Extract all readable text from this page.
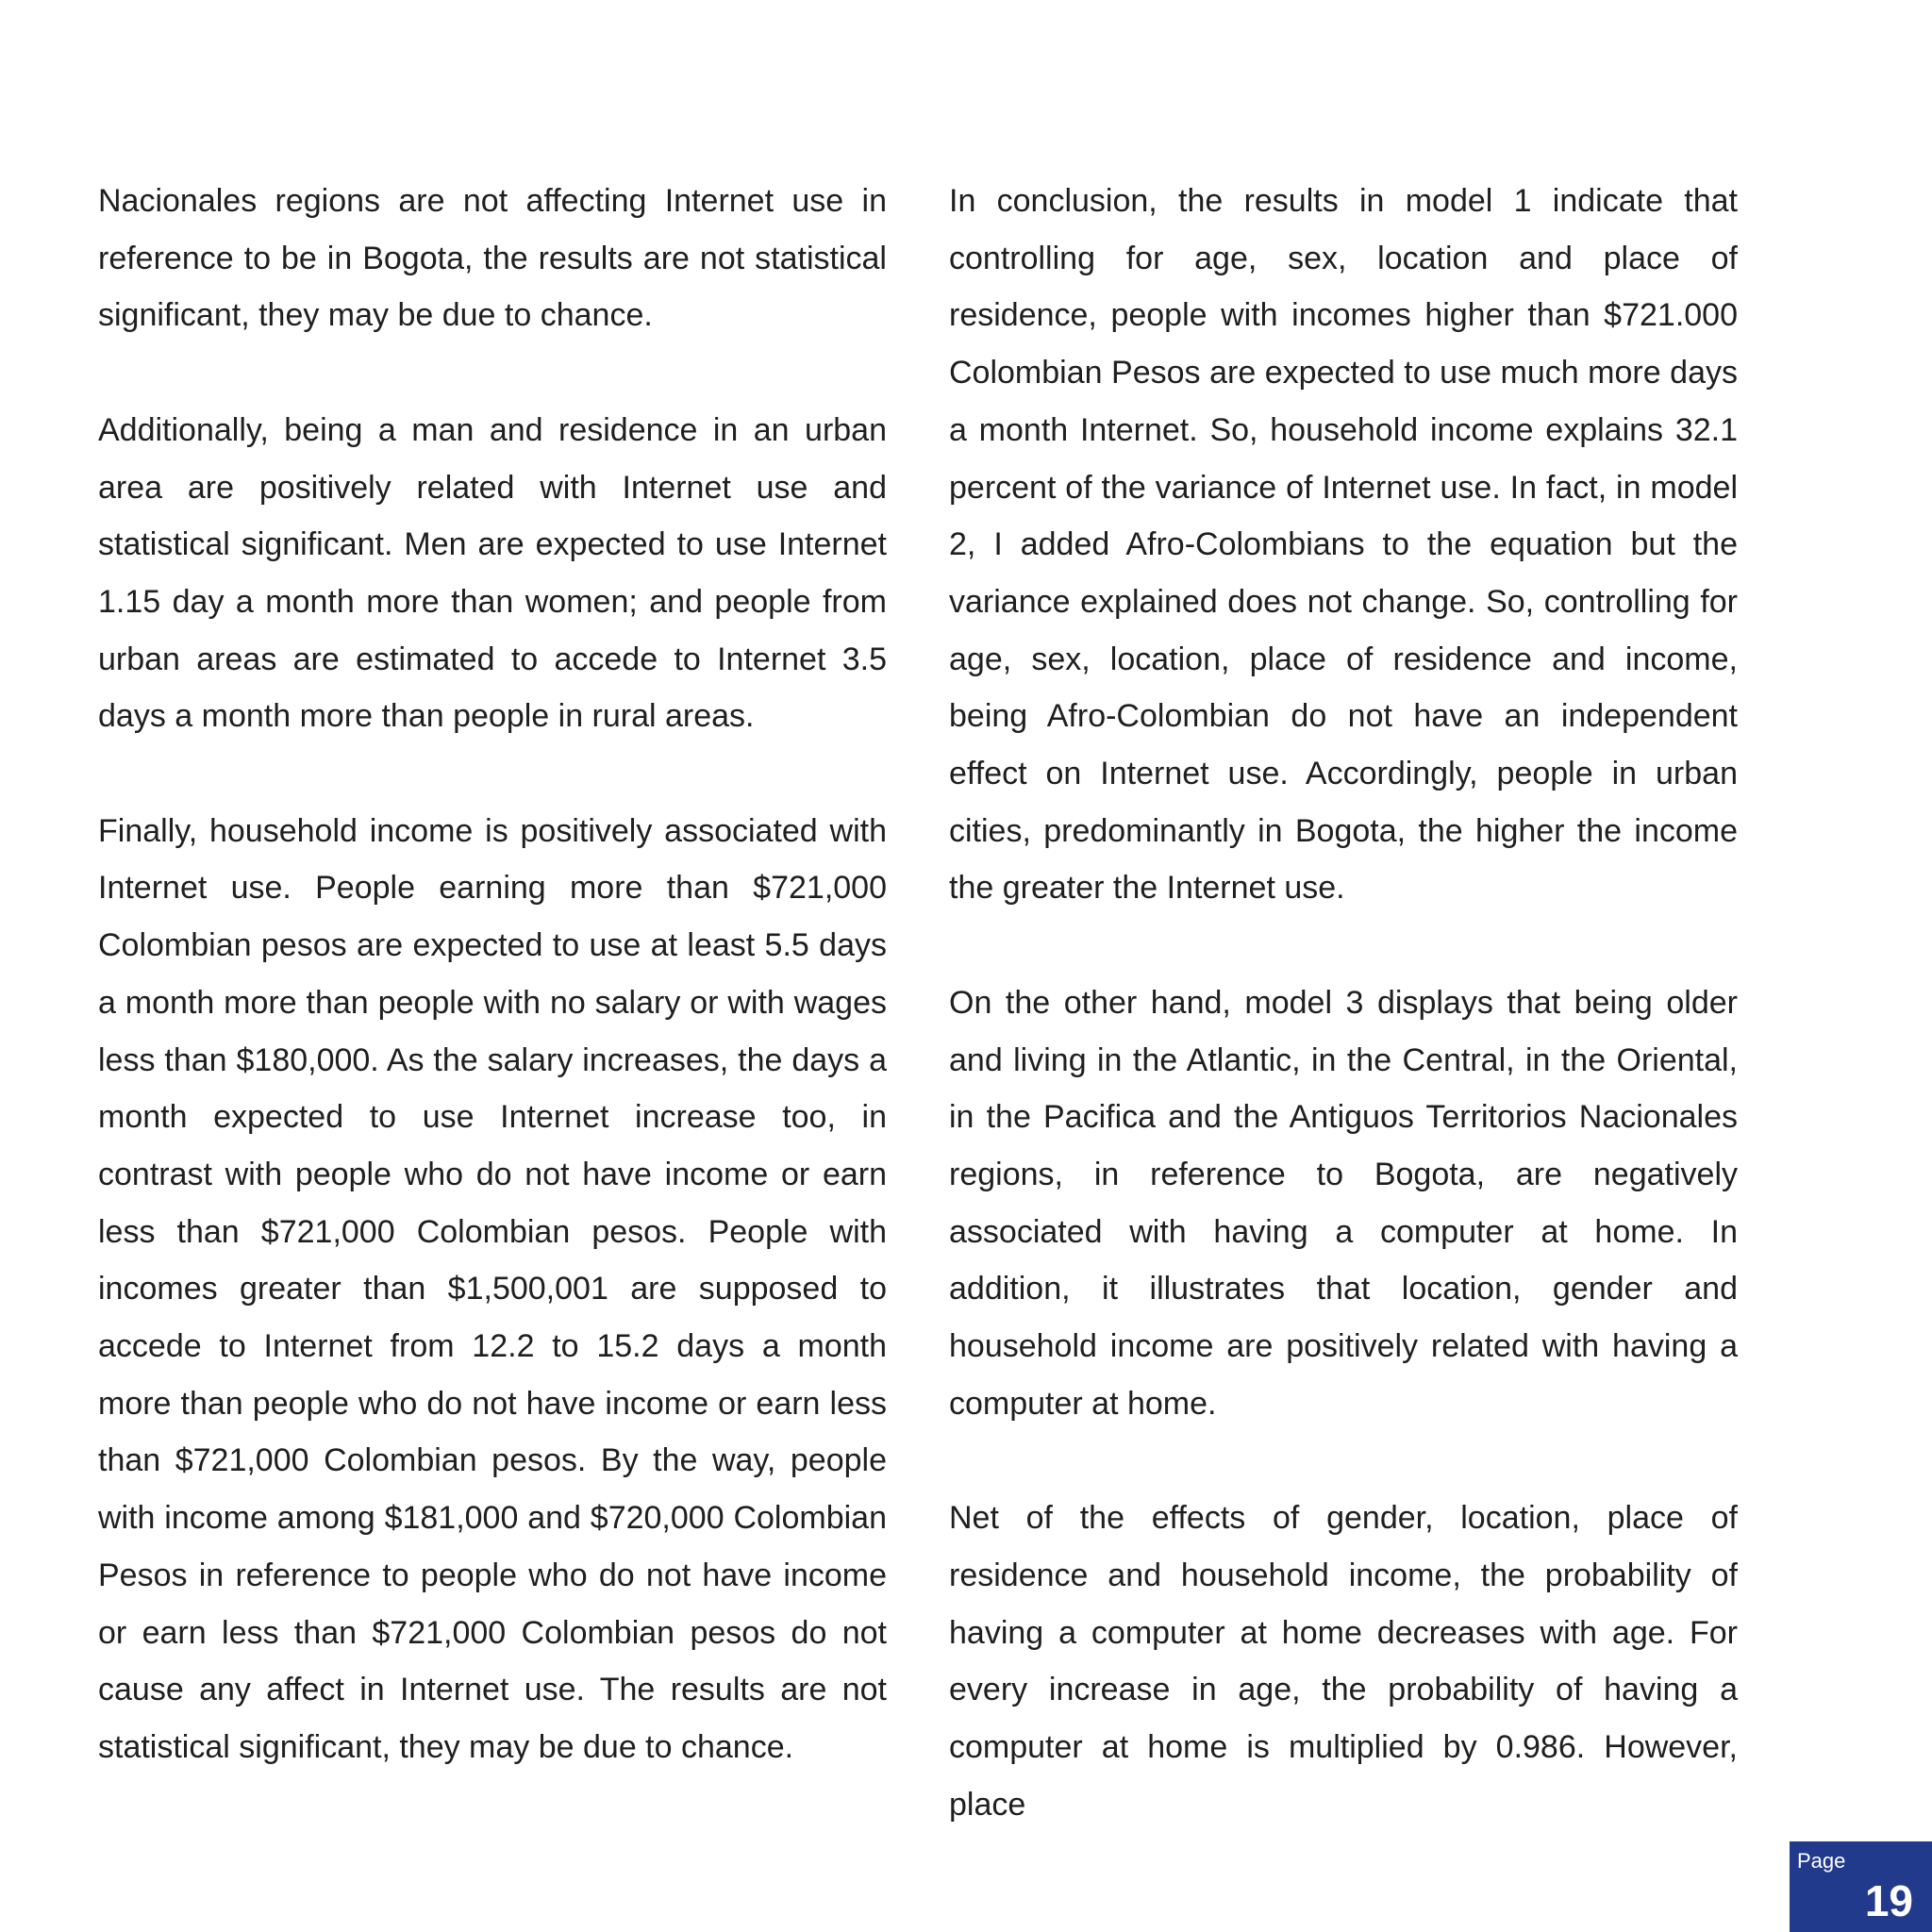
Nacionales regions are not affecting Internet use in reference to be in Bogota, the results are not statistical significant, they may be due to chance.

Additionally, being a man and residence in an urban area are positively related with Internet use and statistical significant. Men are expected to use Internet 1.15 day a month more than women; and people from urban areas are estimated to accede to Internet 3.5 days a month more than people in rural areas.

Finally, household income is positively associated with Internet use. People earning more than $721,000 Colombian pesos are expected to use at least 5.5 days a month more than people with no salary or with wages less than $180,000. As the salary increases, the days a month expected to use Internet increase too, in contrast with people who do not have income or earn less than $721,000 Colombian pesos. People with incomes greater than $1,500,001 are supposed to accede to Internet from 12.2 to 15.2 days a month more than people who do not have income or earn less than $721,000 Colombian pesos. By the way, people with income among $181,000 and $720,000 Colombian Pesos in reference to people who do not have income or earn less than $721,000 Colombian pesos do not cause any affect in Internet use. The results are not statistical significant, they may be due to chance.

In conclusion, the results in model 1 indicate that controlling for age, sex, location and place of residence, people with incomes higher than $721.000 Colombian Pesos are expected to use much more days a month Internet. So, household income explains 32.1 percent of the variance of Internet use. In fact, in model 2, I added Afro-Colombians to the equation but the variance explained does not change. So, controlling for age, sex, location, place of residence and income, being Afro-Colombian do not have an independent effect on Internet use. Accordingly, people in urban cities, predominantly in Bogota, the higher the income the greater the Internet use.

On the other hand, model 3 displays that being older and living in the Atlantic, in the Central, in the Oriental, in the Pacifica and the Antiguos Territorios Nacionales regions, in reference to Bogota, are negatively associated with having a computer at home. In addition, it illustrates that location, gender and household income are positively related with having a computer at home.

Net of the effects of gender, location, place of residence and household income, the probability of having a computer at home decreases with age. For every increase in age, the probability of having a computer at home is multiplied by 0.986. However, place

Page
19
